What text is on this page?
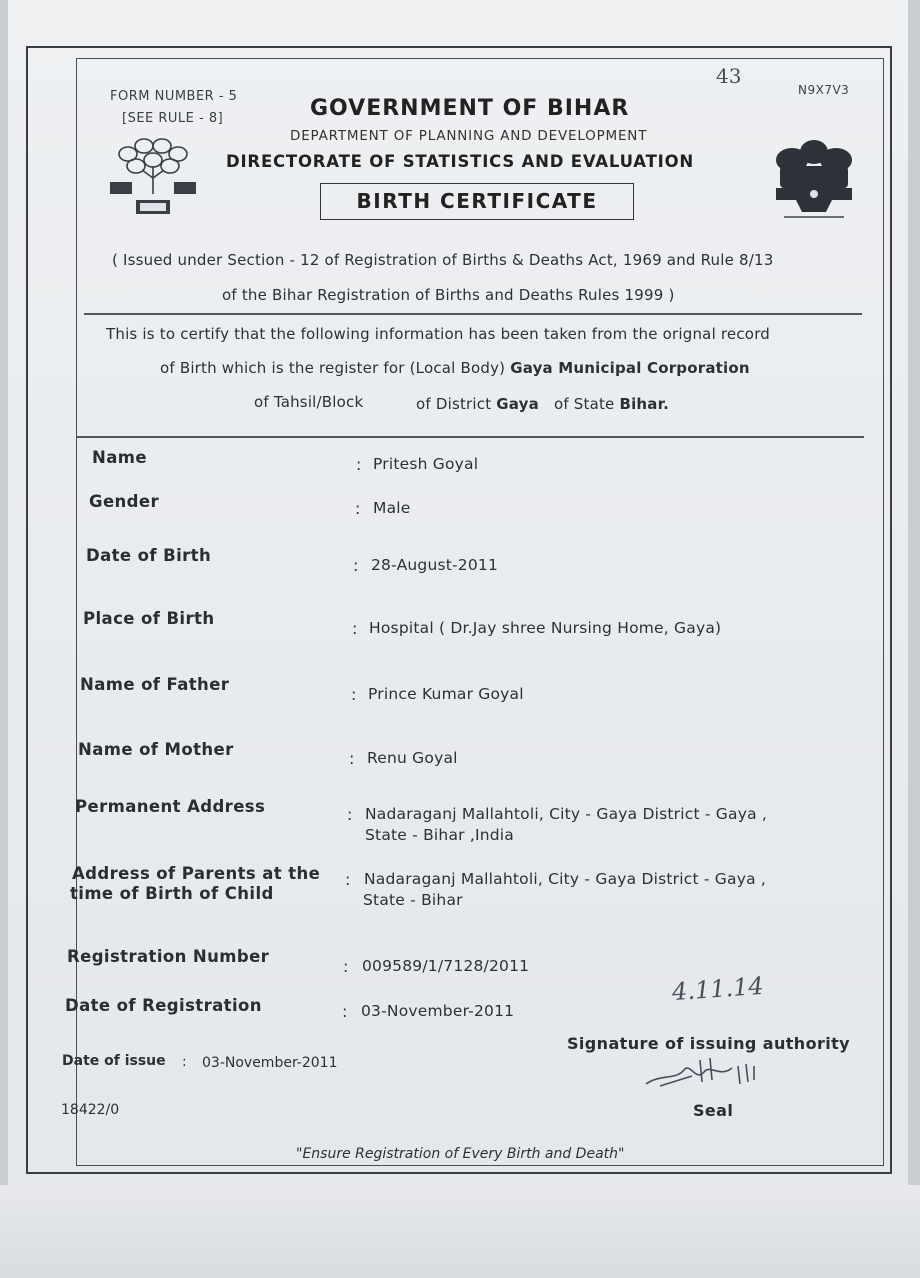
FORM NUMBER - 5
[SEE RULE - 8]
43
N9X7V3
GOVERNMENT OF BIHAR
DEPARTMENT OF PLANNING AND DEVELOPMENT
DIRECTORATE OF STATISTICS AND EVALUATION
BIRTH CERTIFICATE
( Issued under Section - 12 of Registration of Births & Deaths Act, 1969 and Rule 8/13
of the Bihar Registration of Births and Deaths Rules 1999 )
This is to certify that the following information has been taken from the orignal record
of Birth which is the register for (Local Body) Gaya Municipal Corporation
of Tahsil/Block	of District Gaya of State Bihar.
Name	: Pritesh Goyal
Gender	: Male
Date of Birth
: 28-August-2011
Place of Birth
: Hospital ( Dr.Jay shree Nursing Home, Gaya)
Name of Father
: Prince Kumar Goyal
Name of Mother	: Renu Goyal
Permanent Address	: Nadaraganj Mallahtoli, City - Gaya District - Gaya ,
State - Bihar ,India
Address of Parents at the
time of Birth of Child
: Nadaraganj Mallahtoli, City - Gaya District - Gaya ,
State - Bihar
Registration Number
: 009589/1/7128/2011
Date of Registration	: 03-November-2011
4.11.14
Signature of issuing authority
Date of issue : 03-November-2011
Seal
18422/0
"Ensure Registration of Every Birth and Death"
